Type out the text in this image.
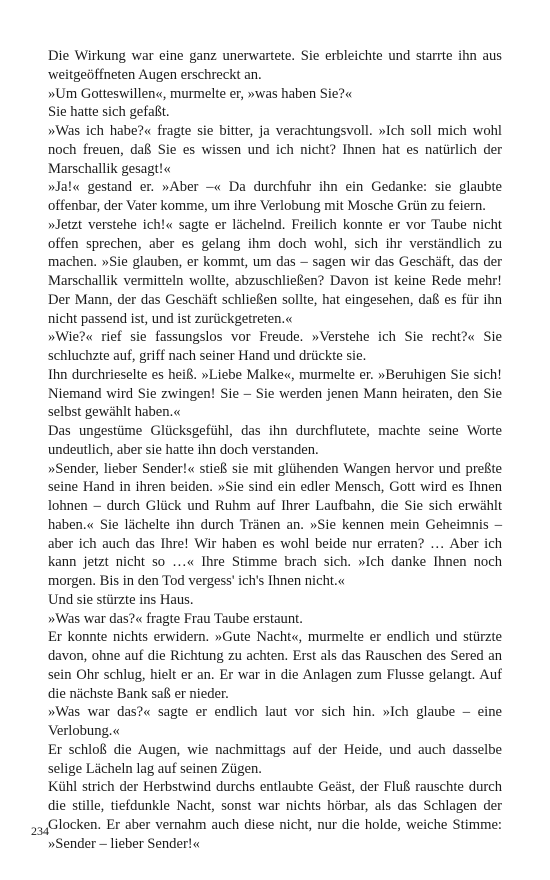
Die Wirkung war eine ganz unerwartete. Sie erbleichte und starrte ihn aus weitgeöffneten Augen erschreckt an.

»Um Gotteswillen«, murmelte er, »was haben Sie?«

Sie hatte sich gefaßt.

»Was ich habe?« fragte sie bitter, ja verachtungsvoll. »Ich soll mich wohl noch freuen, daß Sie es wissen und ich nicht? Ihnen hat es natürlich der Marschallik gesagt!«

»Ja!« gestand er. »Aber –« Da durchfuhr ihn ein Gedanke: sie glaubte offenbar, der Vater komme, um ihre Verlobung mit Mosche Grün zu feiern.

»Jetzt verstehe ich!« sagte er lächelnd. Freilich konnte er vor Taube nicht offen sprechen, aber es gelang ihm doch wohl, sich ihr verständlich zu machen. »Sie glauben, er kommt, um das – sagen wir das Geschäft, das der Marschallik vermitteln wollte, abzuschließen? Davon ist keine Rede mehr! Der Mann, der das Geschäft schließen sollte, hat eingesehen, daß es für ihn nicht passend ist, und ist zurückgetreten.«

»Wie?« rief sie fassungslos vor Freude. »Verstehe ich Sie recht?« Sie schluchzte auf, griff nach seiner Hand und drückte sie.

Ihn durchrieselte es heiß. »Liebe Malke«, murmelte er. »Beruhigen Sie sich! Niemand wird Sie zwingen! Sie – Sie werden jenen Mann heiraten, den Sie selbst gewählt haben.«

Das ungestüme Glücksgefühl, das ihn durchflutete, machte seine Worte undeutlich, aber sie hatte ihn doch verstanden.

»Sender, lieber Sender!« stieß sie mit glühenden Wangen hervor und preßte seine Hand in ihren beiden. »Sie sind ein edler Mensch, Gott wird es Ihnen lohnen – durch Glück und Ruhm auf Ihrer Laufbahn, die Sie sich erwählt haben.« Sie lächelte ihn durch Tränen an. »Sie kennen mein Geheimnis – aber ich auch das Ihre! Wir haben es wohl beide nur erraten? … Aber ich kann jetzt nicht so …« Ihre Stimme brach sich. »Ich danke Ihnen noch morgen. Bis in den Tod vergess' ich's Ihnen nicht.«

Und sie stürzte ins Haus.

»Was war das?« fragte Frau Taube erstaunt.

Er konnte nichts erwidern. »Gute Nacht«, murmelte er endlich und stürzte davon, ohne auf die Richtung zu achten. Erst als das Rauschen des Sered an sein Ohr schlug, hielt er an. Er war in die Anlagen zum Flusse gelangt. Auf die nächste Bank saß er nieder.

»Was war das?« sagte er endlich laut vor sich hin. »Ich glaube – eine Verlobung.«

Er schloß die Augen, wie nachmittags auf der Heide, und auch dasselbe selige Lächeln lag auf seinen Zügen.

Kühl strich der Herbstwind durchs entlaubte Geäst, der Fluß rauschte durch die stille, tiefdunkle Nacht, sonst war nichts hörbar, als das Schlagen der Glocken. Er aber vernahm auch diese nicht, nur die holde, weiche Stimme: »Sender – lieber Sender!«

234
